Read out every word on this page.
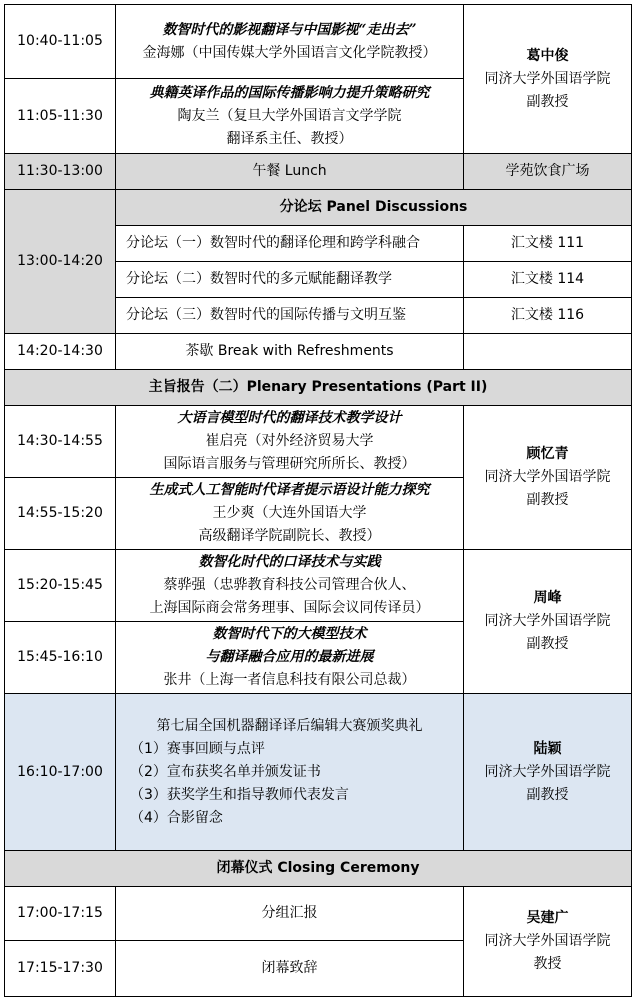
10:40-11:05	数智时代的影视翻译与中国影视“走出去”
金海娜（中国传媒大学外国语言文化学院教授）	葛中俊
同济大学外国语学院
副教授

11:05-11:30	典籍英译作品的国际传播影响力提升策略研究
陶友兰（复旦大学外国语言文学学院
翻译系主任、教授）	

11:30-13:00	午餐 Lunch	学苑饮食广场
13:00-14:20	分论坛 Panel Discussions	
	分论坛（一）数智时代的翻译伦理和跨学科融合	汇文楼 111
	分论坛（二）数智时代的多元赋能翻译教学	汇文楼 114
	分论坛（三）数智时代的国际传播与文明互鉴	汇文楼 116
14:20-14:30	茶歇 Break with Refreshments	
主旨报告（二）Plenary Presentations (Part II)		
14:30-14:55	大语言模型时代的翻译技术教学设计
崔启亮（对外经济贸易大学
国际语言服务与管理研究所所长、教授）	顾忆青
同济大学外国语学院
副教授

14:55-15:20	生成式人工智能时代译者提示语设计能力探究
王少爽（大连外国语大学
高级翻译学院副院长、教授）	

15:20-15:45	数智化时代的口译技术与实践
蔡骅强（忠骅教育科技公司管理合伙人、
上海国际商会常务理事、国际会议同传译员）	周峰
同济大学外国语学院
副教授

15:45-16:10	数智时代下的大模型技术
与翻译融合应用的最新进展
张井（上海一者信息科技有限公司总裁）	

16:10-17:00	第七届全国机器翻译译后编辑大赛颁奖典礼
（1）赛事回顾与点评
（2）宣布获奖名单并颁发证书
（3）获奖学生和指导教师代表发言
（4）合影留念	陆颖
同济大学外国语学院
副教授

闭幕仪式 Closing Ceremony		
17:00-17:15	分组汇报	吴建广
同济大学外国语学院
教授

17:15-17:30	闭幕致辞	
